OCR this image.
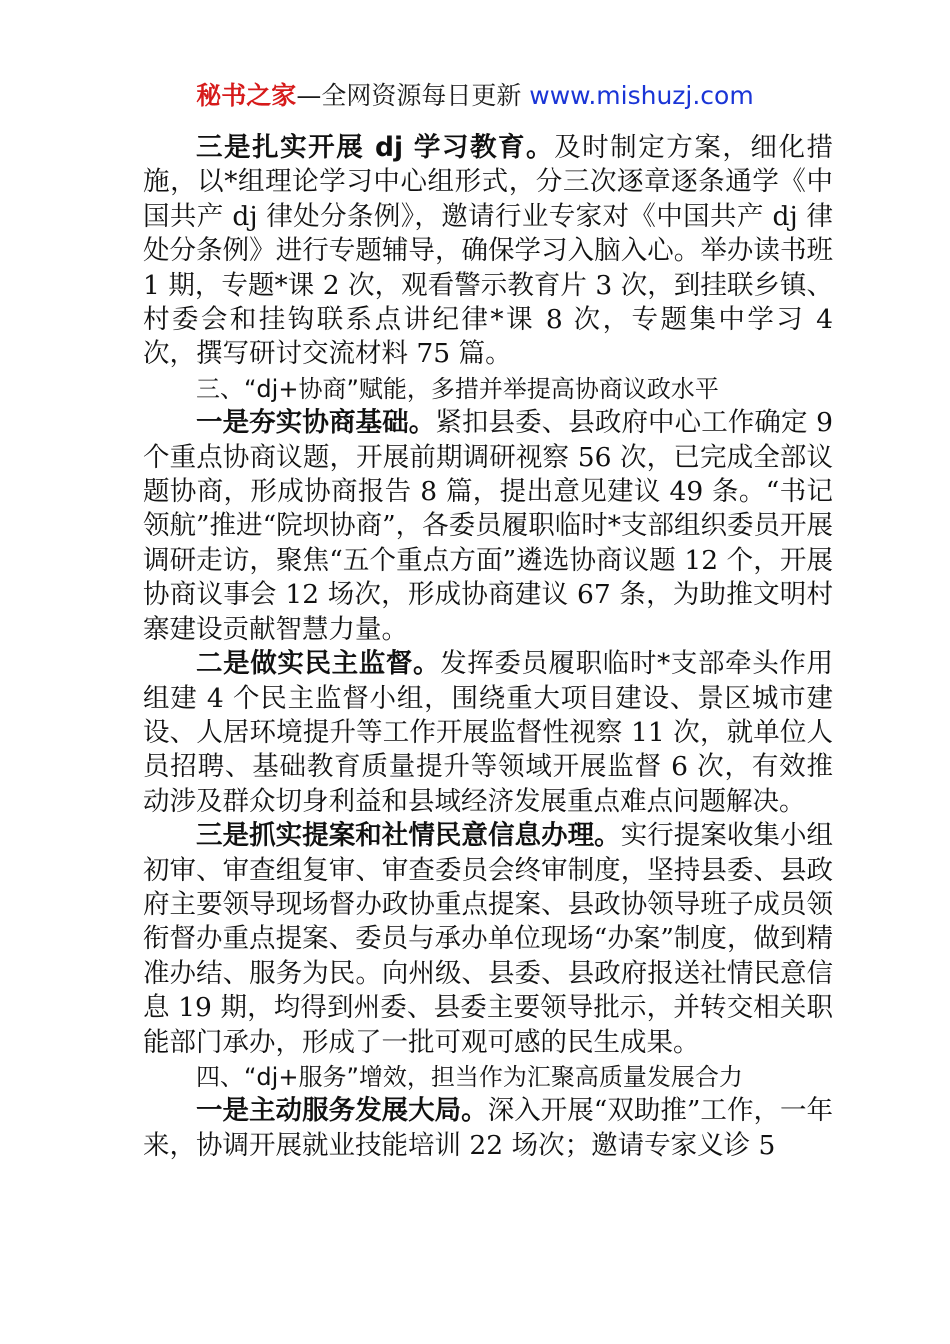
秘书之家—全网资源每日更新 www.mishuzj.com

三是扎实开展 dj 学习教育。及时制定方案，细化措施，以*组理论学习中心组形式，分三次逐章逐条通学《中国共产 dj 律处分条例》，邀请行业专家对《中国共产 dj 律处分条例》进行专题辅导，确保学习入脑入心。举办读书班 1 期，专题*课 2 次，观看警示教育片 3 次，到挂联乡镇、村委会和挂钩联系点讲纪律*课 8 次，专题集中学习 4 次，撰写研讨交流材料 75 篇。

三、“dj+协商”赋能，多措并举提高协商议政水平

一是夯实协商基础。紧扣县委、县政府中心工作确定 9 个重点协商议题，开展前期调研视察 56 次，已完成全部议题协商，形成协商报告 8 篇，提出意见建议 49 条。“书记领航”推进“院坝协商”，各委员履职临时*支部组织委员开展调研走访，聚焦“五个重点方面”遴选协商议题 12 个，开展协商议事会 12 场次，形成协商建议 67 条，为助推文明村寨建设贡献智慧力量。

二是做实民主监督。发挥委员履职临时*支部牵头作用组建 4 个民主监督小组，围绕重大项目建设、景区城市建设、人居环境提升等工作开展监督性视察 11 次，就单位人员招聘、基础教育质量提升等领域开展监督 6 次，有效推动涉及群众切身利益和县域经济发展重点难点问题解决。

三是抓实提案和社情民意信息办理。实行提案收集小组初审、审查组复审、审查委员会终审制度，坚持县委、县政府主要领导现场督办政协重点提案、县政协领导班子成员领衔督办重点提案、委员与承办单位现场“办案”制度，做到精准办结、服务为民。向州级、县委、县政府报送社情民意信息 19 期，均得到州委、县委主要领导批示，并转交相关职能部门承办，形成了一批可观可感的民生成果。

四、“dj+服务”增效，担当作为汇聚高质量发展合力

一是主动服务发展大局。深入开展“双助推”工作，一年来，协调开展就业技能培训 22 场次；邀请专家义诊 5
